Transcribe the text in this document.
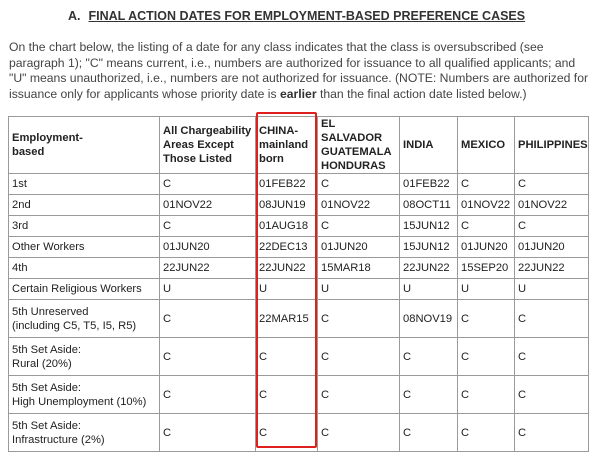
A. FINAL ACTION DATES FOR EMPLOYMENT-BASED PREFERENCE CASES
On the chart below, the listing of a date for any class indicates that the class is oversubscribed (see paragraph 1); "C" means current, i.e., numbers are authorized for issuance to all qualified applicants; and "U" means unauthorized, i.e., numbers are not authorized for issuance. (NOTE: Numbers are authorized for issuance only for applicants whose priority date is earlier than the final action date listed below.)
Employment-
based	All Chargeability
Areas Except
Those Listed	CHINA-
mainland
born	EL SALVADOR
GUATEMALA
HONDURAS	INDIA	MEXICO	PHILIPPINES
1st	C	01FEB22	C	01FEB22	C	C
2nd	01NOV22	08JUN19	01NOV22	08OCT11	01NOV22	01NOV22
3rd	C	01AUG18	C	15JUN12	C	C
Other Workers	01JUN20	22DEC13	01JUN20	15JUN12	01JUN20	01JUN20
4th	22JUN22	22JUN22	15MAR18	22JUN22	15SEP20	22JUN22
Certain Religious Workers	U	U	U	U	U	U
5th Unreserved
(including C5, T5, I5, R5)	C	22MAR15	C	08NOV19	C	C
5th Set Aside:
Rural (20%)	C	C	C	C	C	C
5th Set Aside:
High Unemployment (10%)	C	C	C	C	C	C
5th Set Aside:
Infrastructure (2%)	C	C	C	C	C	C
